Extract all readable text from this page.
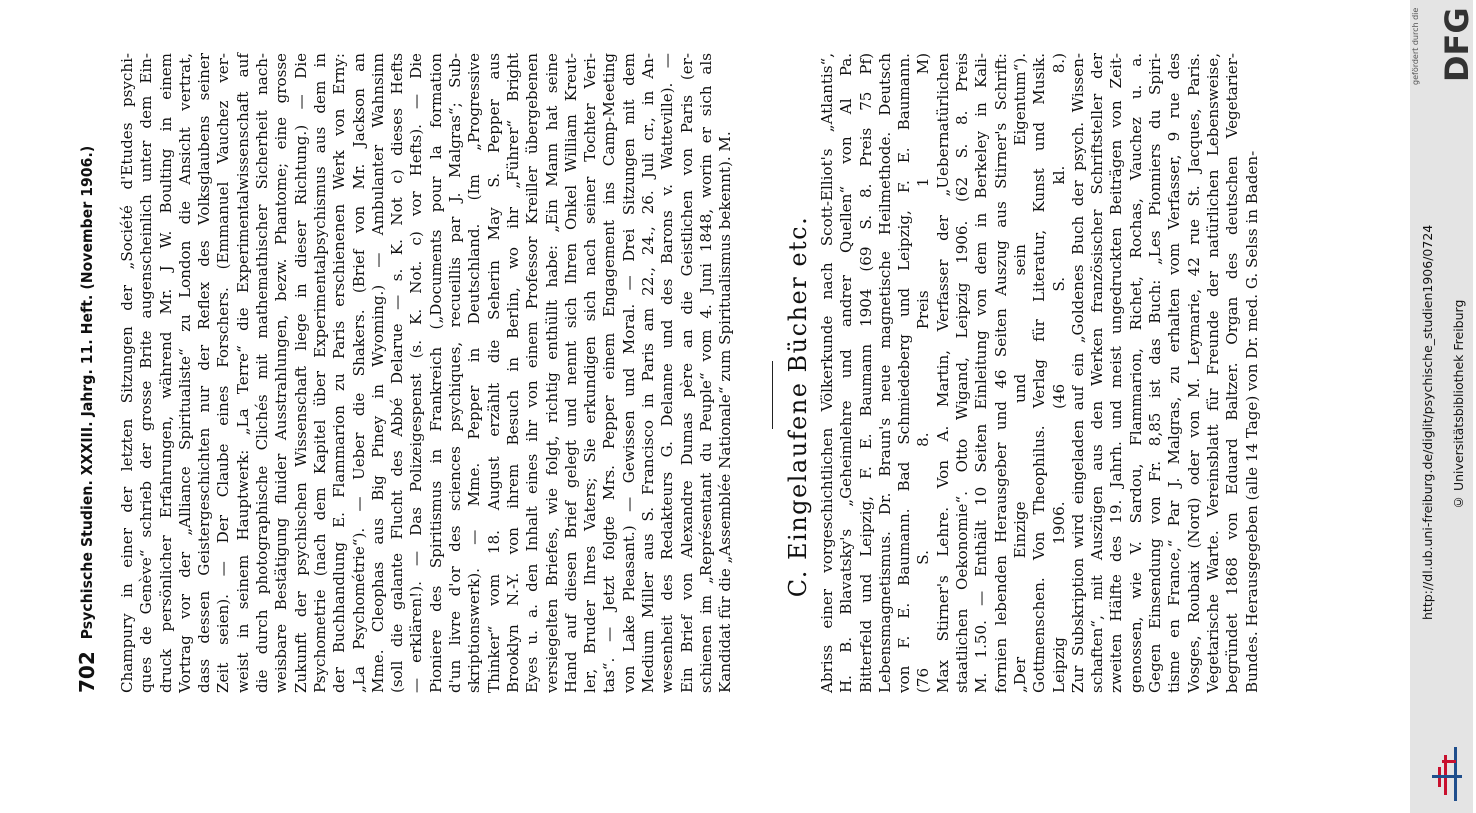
702
Psychische Studien. XXXIII. Jahrg. 11. Heft. (November 1906.) Champury in einer der letzten Sitzungen der „Société d'Etudes psychi- ques de Genève“ schrieb der grosse Brite augenscheinlich unter dem Ein- druck persönlicher Erfahrungen, während Mr. J W. Boulting in einem Vortrag vor der „Alliance Spiritualiste“ zu London die Ansicht vertrat, dass dessen Geistergeschichten nur der Reflex des Volksglaubens seiner Zeit seien). — Der Claube eines Forschers. (Emmanuel Vauchez ver- weist in seinem Hauptwerk: „La Terre“ die Experimentalwissenschaft auf die durch photographische Clichés mit mathemathischer Sicherheit nach- weisbare Bestätigung fluider Ausstrahlungen, bezw. Phantome; eine grosse Zukunft der psychischen Wissenschaft liege in dieser Richtung.) — Die Psychometrie (nach dem Kapitel über Experimentalpsychismus aus dem in der Buchhandlung E. Flammarion zu Paris erschienenen Werk von Erny: „La Psychométrie“). — Ueber die Shakers. (Brief von Mr. Jackson an Mme. Cleophas aus Big Piney in Wyoming.) — Ambulanter Wahnsinn (soll die galante Flucht des Abbé Delarue — s. K. Not c) dieses Hefts — erklären!). — Das Polizeigespenst (s. K. Not. c) vor Hefts). — Die Pioniere des Spiritismus in Frankreich („Documents pour la formation d'un livre d'or des sciences psychiques, recueillis par J. Malgras“; Sub- skriptionswerk). — Mme. Pepper in Deutschland. (Im „Progressive Thinker“ vom 18. August erzählt die Seherin May S. Pepper aus Brooklyn N.-Y. von ihrem Besuch in Berlin, wo ihr „Führer“ Bright Eyes u. a. den Inhalt eines ihr von einem Professor Kreiller übergebenen versiegelten Briefes, wie folgt, richtig enthüllt habe: „Ein Mann hat seine Hand auf diesen Brief gelegt und nennt sich Ihren Onkel William Kreut- ler, Bruder Ihres Vaters; Sie erkundigen sich nach seiner Tochter Veri- tas“. — Jetzt folgte Mrs. Pepper einem Engagement ins Camp-Meeting von Lake Pleasant.) — Gewissen und Moral. — Drei Sitzungen mit dem Medium Miller aus S. Francisco in Paris am 22., 24., 26. Juli cr., in An- wesenheit des Redakteurs G. Delanne und des Barons v. Watteville). — Ein Brief von Alexandre Dumas père an die Geistlichen von Paris (er- schienen im „Représentant du Peuple“ vom 4. Juni 1848, worin er sich als Kandidat für die „Assemblée Nationale“ zum Spiritualismus bekennt). M. C. Eingelaufene Bücher etc. Abriss einer vorgeschichtlichen Völkerkunde nach Scott-Elliot's „Atlantis“, H. B. Blavatsky's „Geheimlehre und andrer Quellen“ von Al Pa. Bitterfeld und Leipzig, F. E. Baumann 1904 (69 S. 8. Preis 75 Pf) Lebensmagnetismus. Dr. Braun's neue magnetische Heilmethode. Deutsch von F. E. Baumann. Bad Schmiedeberg und Leipzig, F. E. Baumann. (76 S. 8. Preis 1 M) Max Stirner's Lehre. Von A. Martin, Verfasser der „Uebernatürlichen staatlichen Oekonomie“. Otto Wigand, Leipzig 1906. (62 S. 8. Preis M. 1.50. — Enthält 10 Seiten Einleitung von dem in Berkeley in Kali- fornien lebenden Herausgeber und 46 Seiten Auszug aus Stirner's Schrift: „Der Einzige und sein Eigentum“). Gottmenschen. Von Theophilus. Verlag für Literatur, Kunst und Musik. Leipzig 1906. (46 S. kl. 8.) Zur Subskription wird eingeladen auf ein „Goldenes Buch der psych. Wissen- schaften“, mit Auszügen aus den Werken französischer Schriftsteller der zweiten Hälfte des 19. Jahrh. und meist ungedruckten Beiträgen von Zeit- genossen, wie V. Sardou, Flammarion, Richet, Rochas, Vauchez u. a. Gegen Einsendung von Fr. 8,85 ist das Buch: „Les Pionniers du Spiri- tisme en France,“ Par J. Malgras, zu erhalten vom Verfasser, 9 rue des Vosges, Roubaix (Nord) oder von M. Leymarie, 42 rue St. Jacques, Paris. Vegetarische Warte. Vereinsblatt für Freunde der natürlichen Lebensweise, begründet 1868 von Eduard Baltzer. Organ des deutschen Vegetarier- Bundes. Herausgegeben (alle 14 Tage) von Dr. med. G. Selss in Baden-
gefördert durch die DFG
http://dl.ub.uni-freiburg.de/diglit/psychische_studien1906/0724 © Universitätsbibliothek Freiburg
